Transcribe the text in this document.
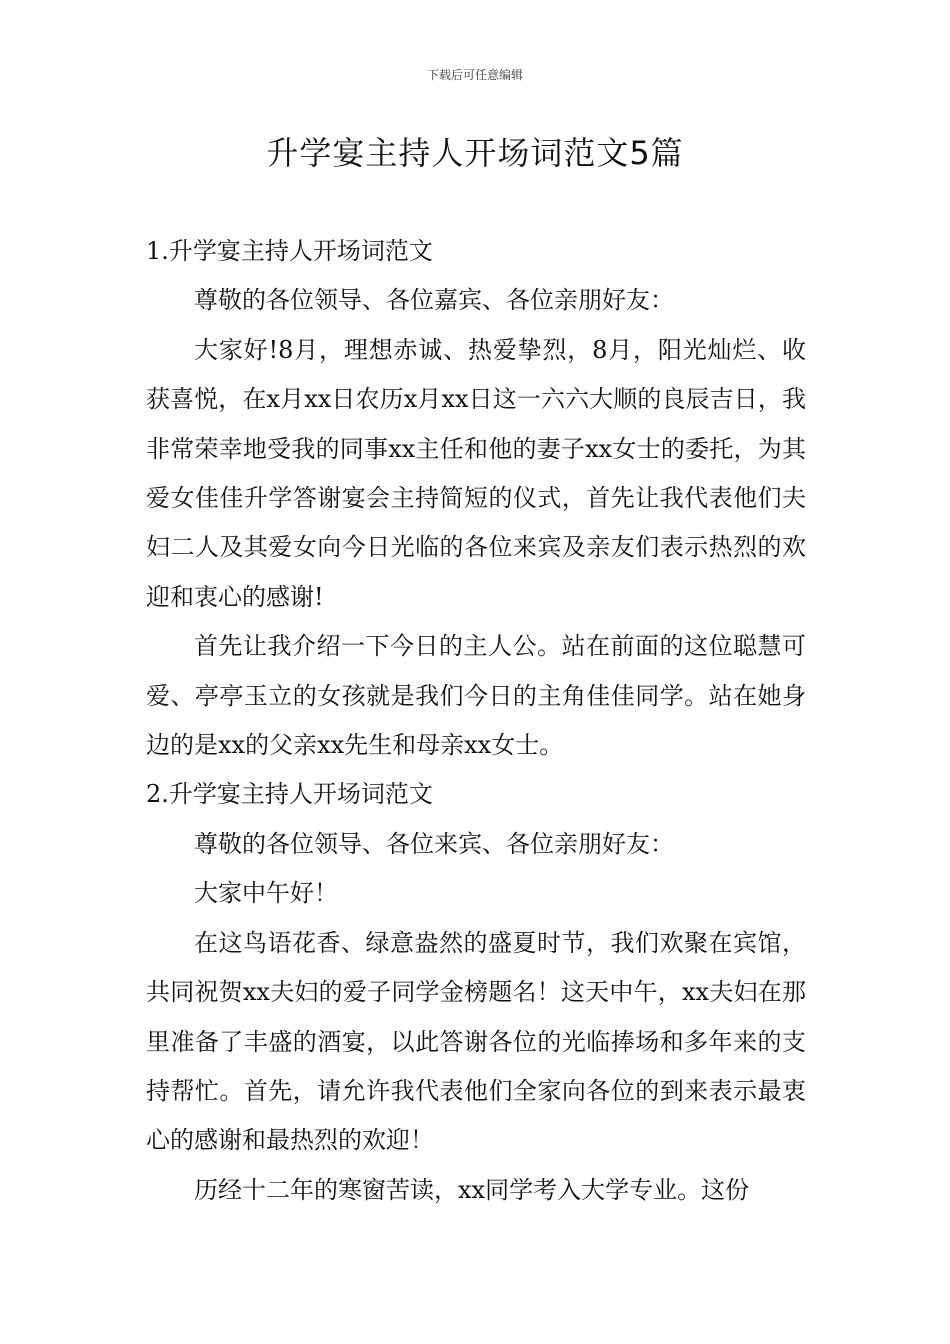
下载后可任意编辑
升学宴主持人开场词范文5篇

1.升学宴主持人开场词范文

尊敬的各位领导、各位嘉宾、各位亲朋好友：

大家好!8月，理想赤诚、热爱挚烈，8月，阳光灿烂、收获喜悦，在x月xx日农历x月xx日这一六六大顺的良辰吉日，我非常荣幸地受我的同事xx主任和他的妻子xx女士的委托，为其爱女佳佳升学答谢宴会主持简短的仪式，首先让我代表他们夫妇二人及其爱女向今日光临的各位来宾及亲友们表示热烈的欢迎和衷心的感谢!

首先让我介绍一下今日的主人公。站在前面的这位聪慧可爱、亭亭玉立的女孩就是我们今日的主角佳佳同学。站在她身边的是xx的父亲xx先生和母亲xx女士。

2.升学宴主持人开场词范文

尊敬的各位领导、各位来宾、各位亲朋好友：

大家中午好！

在这鸟语花香、绿意盎然的盛夏时节，我们欢聚在宾馆，共同祝贺xx夫妇的爱子同学金榜题名！这天中午，xx夫妇在那里准备了丰盛的酒宴，以此答谢各位的光临捧场和多年来的支持帮忙。首先，请允许我代表他们全家向各位的到来表示最衷心的感谢和最热烈的欢迎！

历经十二年的寒窗苦读，xx同学考入大学专业。这份
